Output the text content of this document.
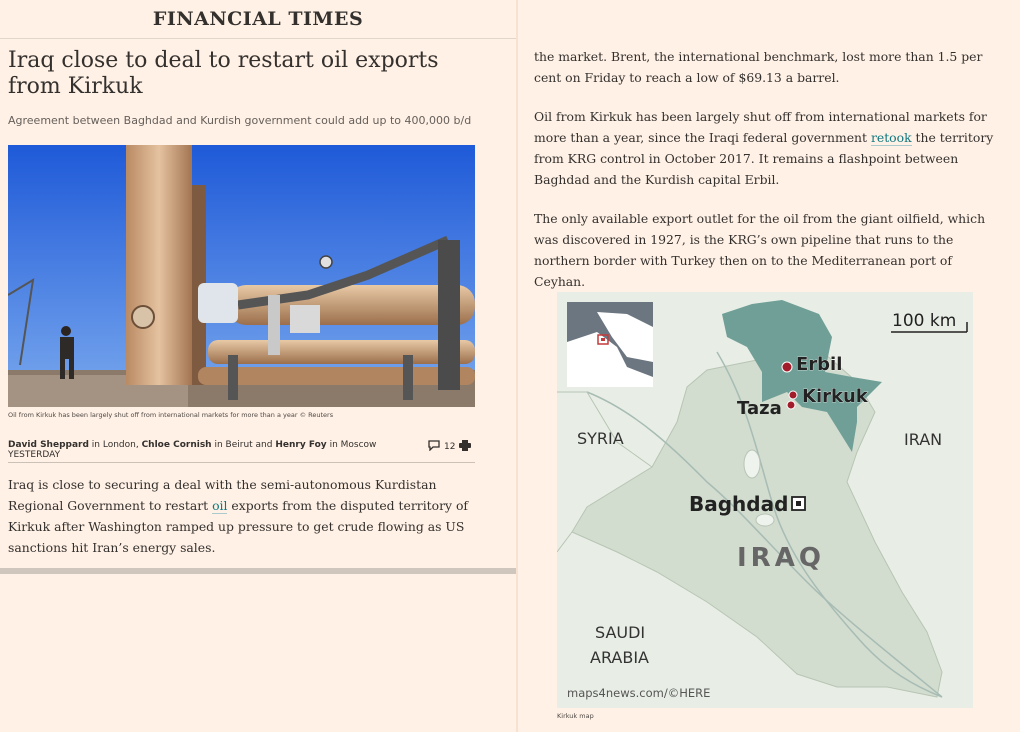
FINANCIAL TIMES
Iraq close to deal to restart oil exports from Kirkuk
Agreement between Baghdad and Kurdish government could add up to 400,000 b/d
Oil from Kirkuk has been largely shut off from international markets for more than a year © Reuters
David Sheppard in London, Chloe Cornish in Beirut and Henry Foy in Moscow YESTERDAY
12

Iraq is close to securing a deal with the semi-autonomous Kurdistan Regional Government to restart oil exports from the disputed territory of Kirkuk after Washington ramped up pressure to get crude flowing as US sanctions hit Iran’s energy sales.

the market. Brent, the international benchmark, lost more than 1.5 per cent on Friday to reach a low of $69.13 a barrel.

Oil from Kirkuk has been largely shut off from international markets for more than a year, since the Iraqi federal government retook the territory from KRG control in October 2017. It remains a flashpoint between Baghdad and the Kurdish capital Erbil.

The only available export outlet for the oil from the giant oilfield, which was discovered in 1927, is the KRG’s own pipeline that runs to the northern border with Turkey then on to the Mediterranean port of Ceyhan.

100 km
Erbil
Kirkuk
Taza
Baghdad
SYRIA	IRAN
IRAQ
SAUDI
ARABIA
maps4news.com/©HERE
Kirkuk map
